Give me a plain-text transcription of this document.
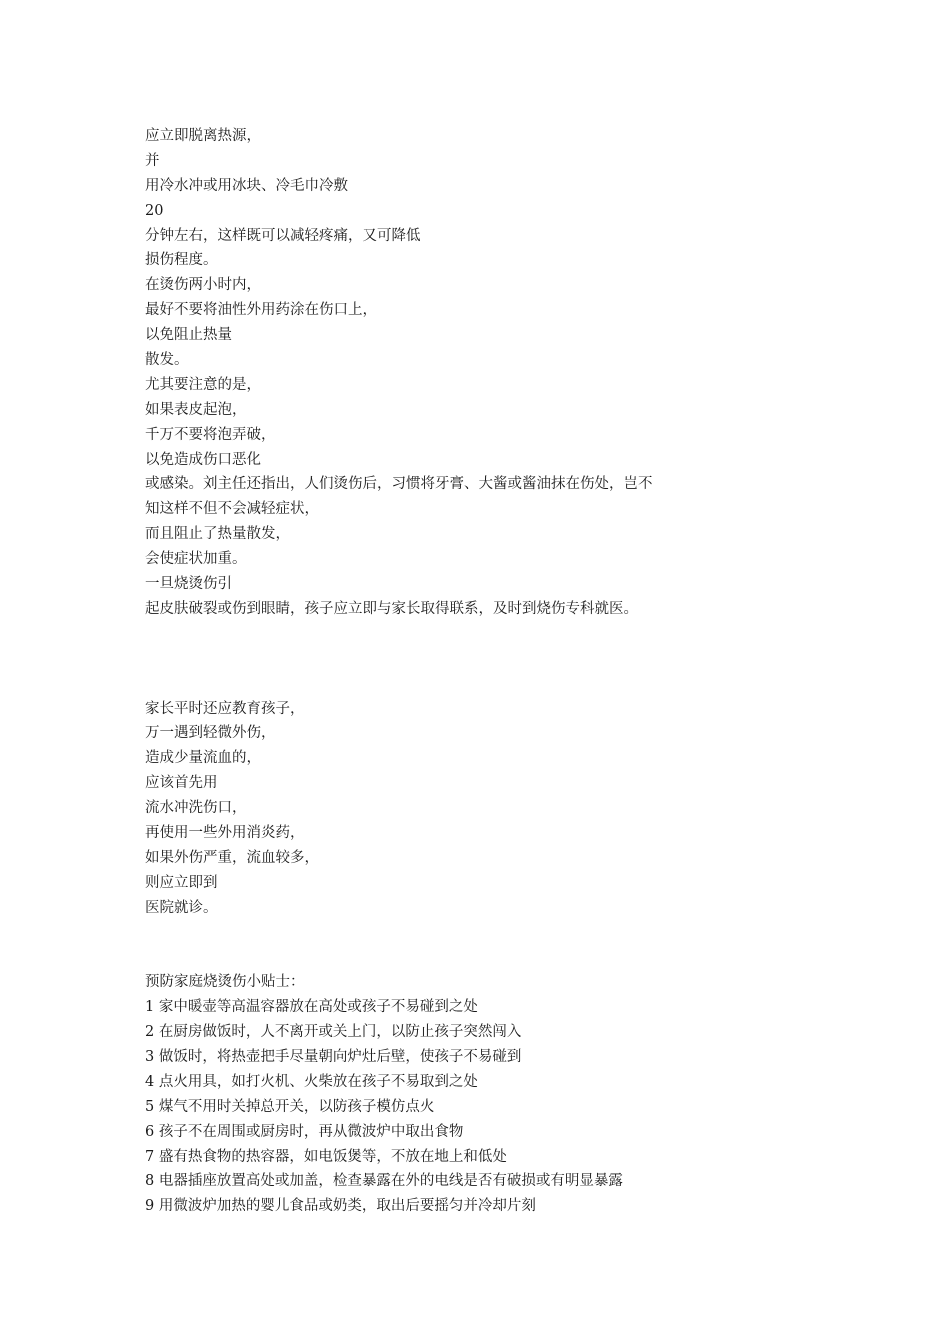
应立即脱离热源，

并

用冷水冲或用冰块、冷毛巾冷敷

20

分钟左右，这样既可以减轻疼痛，又可降低

损伤程度。

在烫伤两小时内，

最好不要将油性外用药涂在伤口上，

以免阻止热量

散发。

尤其要注意的是，

如果表皮起泡，

千万不要将泡弄破，

以免造成伤口恶化

或感染。刘主任还指出，人们烫伤后，习惯将牙膏、大酱或酱油抹在伤处，岂不

知这样不但不会减轻症状，

而且阻止了热量散发，

会使症状加重。

一旦烧烫伤引

起皮肤破裂或伤到眼睛，孩子应立即与家长取得联系，及时到烧伤专科就医。

家长平时还应教育孩子，

万一遇到轻微外伤，

造成少量流血的，

应该首先用

流水冲洗伤口，

再使用一些外用消炎药，

如果外伤严重，流血较多，

则应立即到

医院就诊。

预防家庭烧烫伤小贴士：

1 家中暖壶等高温容器放在高处或孩子不易碰到之处

2 在厨房做饭时，人不离开或关上门，以防止孩子突然闯入

3 做饭时，将热壶把手尽量朝向炉灶后壁，使孩子不易碰到

4 点火用具，如打火机、火柴放在孩子不易取到之处

5 煤气不用时关掉总开关，以防孩子模仿点火

6 孩子不在周围或厨房时，再从微波炉中取出食物

7 盛有热食物的热容器，如电饭煲等，不放在地上和低处

8 电器插座放置高处或加盖，检查暴露在外的电线是否有破损或有明显暴露

9 用微波炉加热的婴儿食品或奶类，取出后要摇匀并冷却片刻
